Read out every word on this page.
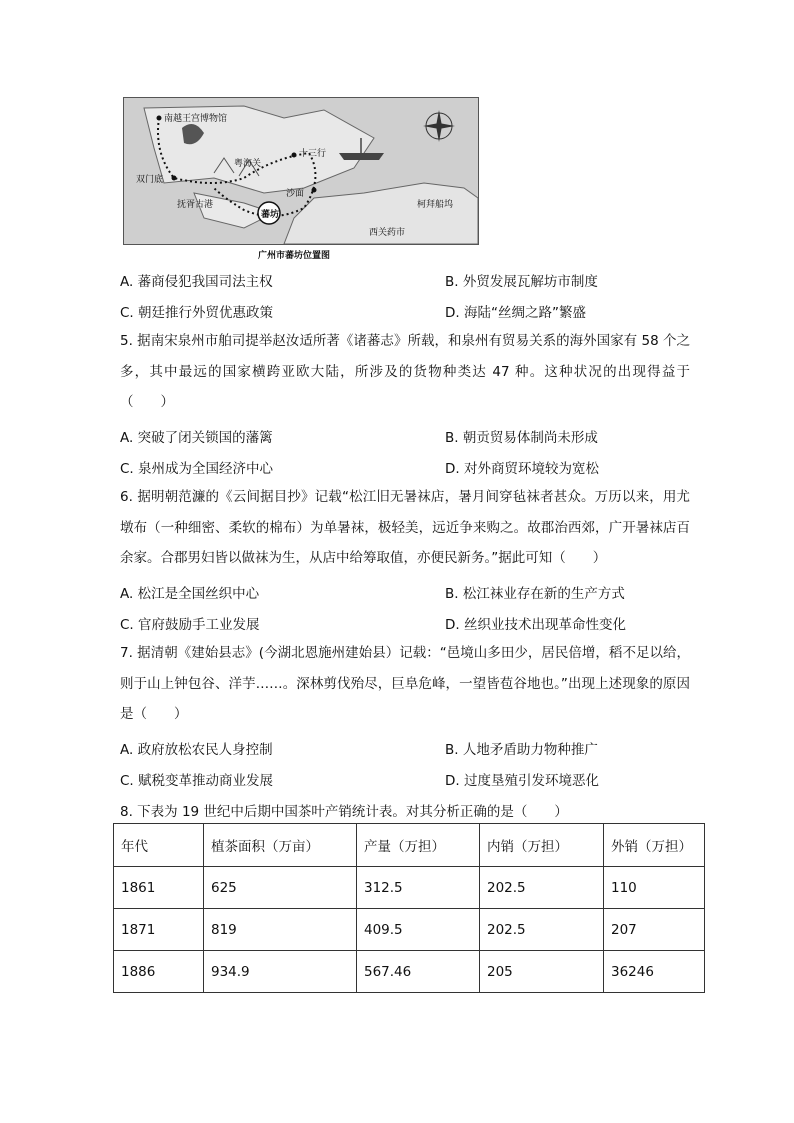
南越王宫博物馆
十三行
粤海关
双门底
沙面
抚胥古港
蕃坊
柯拜船坞
西关药市
广州市蕃坊位置图
A. 蕃商侵犯我国司法主权	B. 外贸发展瓦解坊市制度
C. 朝廷推行外贸优惠政策	D. 海陆“丝绸之路”繁盛
5. 据南宋泉州市舶司提举赵汝适所著《诸蕃志》所载，和泉州有贸易关系的海外国家有 58 个之多，其中最远的国家横跨亚欧大陆，所涉及的货物种类达 47 种。这种状况的出现得益于（　　）
A. 突破了闭关锁国的藩篱	B. 朝贡贸易体制尚未形成
C. 泉州成为全国经济中心	D. 对外商贸环境较为宽松
6. 据明朝范濂的《云间据目抄》记载“松江旧无暑袜店，暑月间穿毡袜者甚众。万历以来，用尤墩布（一种细密、柔软的棉布）为单暑袜，极轻美，远近争来购之。故郡治西郊，广开暑袜店百余家。合郡男妇皆以做袜为生，从店中给筹取值，亦便民新务。”据此可知（　　）
A. 松江是全国丝织中心	B. 松江袜业存在新的生产方式
C. 官府鼓励手工业发展	D. 丝织业技术出现革命性变化
7. 据清朝《建始县志》(今湖北恩施州建始县）记载：“邑境山多田少，居民倍增，稻不足以给，则于山上钟包谷、洋芋……。深林剪伐殆尽，巨阜危峰，一望皆苞谷地也。”出现上述现象的原因是（　　）
A. 政府放松农民人身控制	B. 人地矛盾助力物种推广
C. 赋税变革推动商业发展	D. 过度垦殖引发环境恶化
8. 下表为 19 世纪中后期中国茶叶产销统计表。对其分析正确的是（　　）
年代	植茶面积（万亩）	产量（万担）	内销（万担）	外销（万担）
1861	625	312.5	202.5	110
1871	819	409.5	202.5	207
1886	934.9	567.46	205	36246
